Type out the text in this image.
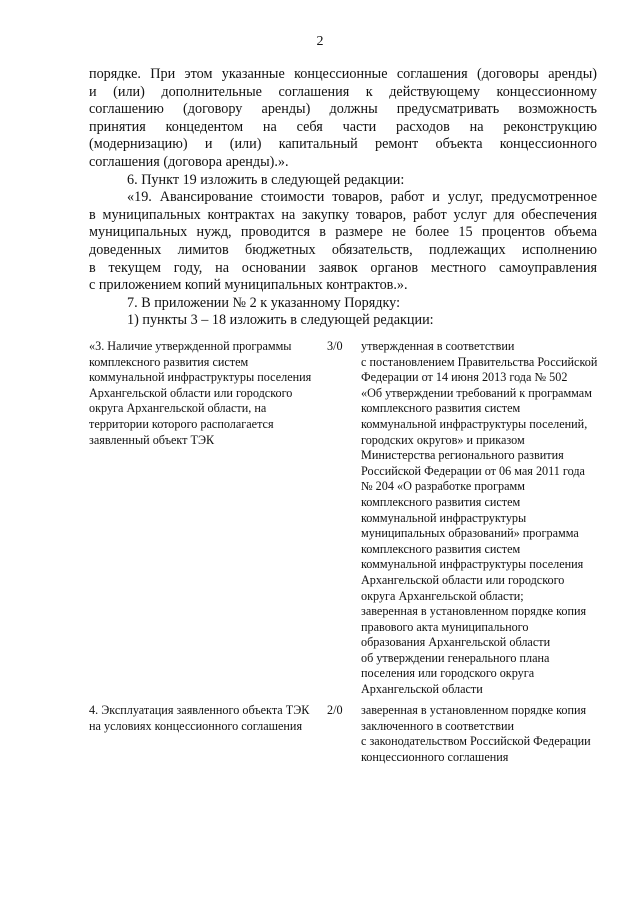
2

порядке. При этом указанные концессионные соглашения (договоры аренды)

и (или) дополнительные соглашения к действующему концессионному

соглашению (договору аренды) должны предусматривать возможность

принятия концедентом на себя части расходов на реконструкцию

(модернизацию) и (или) капитальный ремонт объекта концессионного

соглашения (договора аренды).».

6. Пункт 19 изложить в следующей редакции:

«19. Авансирование стоимости товаров, работ и услуг, предусмотренное

в муниципальных контрактах на закупку товаров, работ услуг для обеспечения

муниципальных нужд, проводится в размере не более 15 процентов объема

доведенных лимитов бюджетных обязательств, подлежащих исполнению

в текущем году, на основании заявок органов местного самоуправления

с приложением копий муниципальных контрактов.».

7. В приложении № 2 к указанному Порядку:

1) пункты 3 – 18 изложить в следующей редакции:

«3. Наличие утвержденной программы
комплексного развития систем
коммунальной инфраструктуры поселения
Архангельской области или городского
округа Архангельской области, на
территории которого располагается
заявленный объект ТЭК
3/0	утвержденная в соответствии
с постановлением Правительства Российской
Федерации от 14 июня 2013 года № 502
«Об утверждении требований к программам
комплексного развития систем
коммунальной инфраструктуры поселений,
городских округов» и приказом
Министерства регионального развития
Российской Федерации от 06 мая 2011 года
№ 204 «О разработке программ
комплексного развития систем
коммунальной инфраструктуры
муниципальных образований» программа
комплексного развития систем
коммунальной инфраструктуры поселения
Архангельской области или городского
округа Архангельской области;
заверенная в установленном порядке копия
правового акта муниципального
образования Архангельской области
об утверждении генерального плана
поселения или городского округа
Архангельской области
4. Эксплуатация заявленного объекта ТЭК
на условиях концессионного соглашения
2/0	заверенная в установленном порядке копия
заключенного в соответствии
с законодательством Российской Федерации
концессионного соглашения
